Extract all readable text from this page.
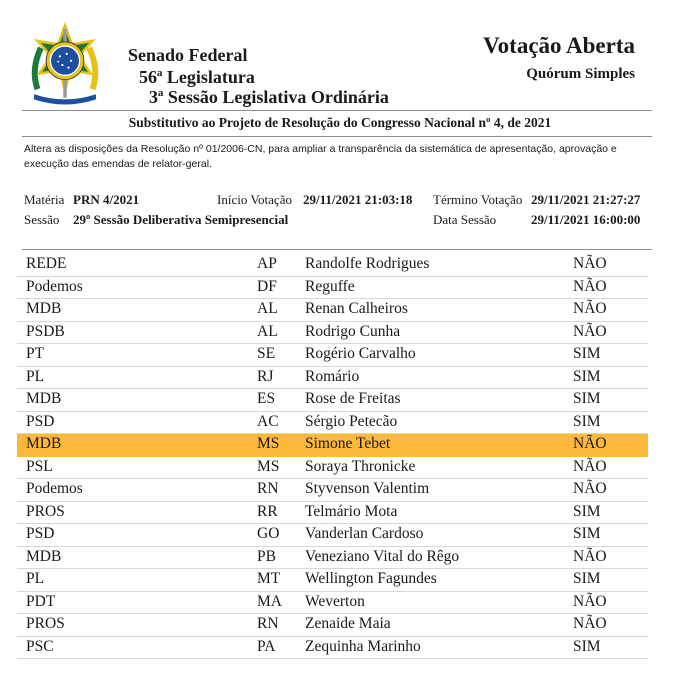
Senado Federal
56ª Legislatura
3ª Sessão Legislativa Ordinária
Votação Aberta
Quórum Simples
Substitutivo ao Projeto de Resolução do Congresso Nacional nº 4, de 2021
Altera as disposições da Resolução nº 01/2006-CN, para ampliar a transparência da sistemática de apresentação, aprovação e execução das emendas de relator-geral.
Matéria PRN 4/2021	Início Votação 29/11/2021 21:03:18 Término Votação 29/11/2021 21:27:27
Sessão 29º Sessão Deliberativa Semipresencial	Data Sessão	29/11/2021 16:00:00
REDE	AP Randolfe Rodrigues	NÃO
Podemos	DF Reguffe	NÃO
MDB	AL Renan Calheiros	NÃO
PSDB	AL Rodrigo Cunha	NÃO
PT	SE Rogério Carvalho	SIM
PL	RJ Romário	SIM
MDB	ES Rose de Freitas	SIM
PSD	AC Sérgio Petecão	SIM
MDB	MS Simone Tebet	NÃO
PSL	MS Soraya Thronicke	NÃO
Podemos	RN Styvenson Valentim	NÃO
PROS	RR Telmário Mota	SIM
PSD	GO Vanderlan Cardoso	SIM
MDB	PB Veneziano Vital do Rêgo	NÃO
PL	MT Wellington Fagundes	SIM
PDT	MA Weverton	NÃO
PROS	RN Zenaide Maia	NÃO
PSC	PA Zequinha Marinho	SIM
